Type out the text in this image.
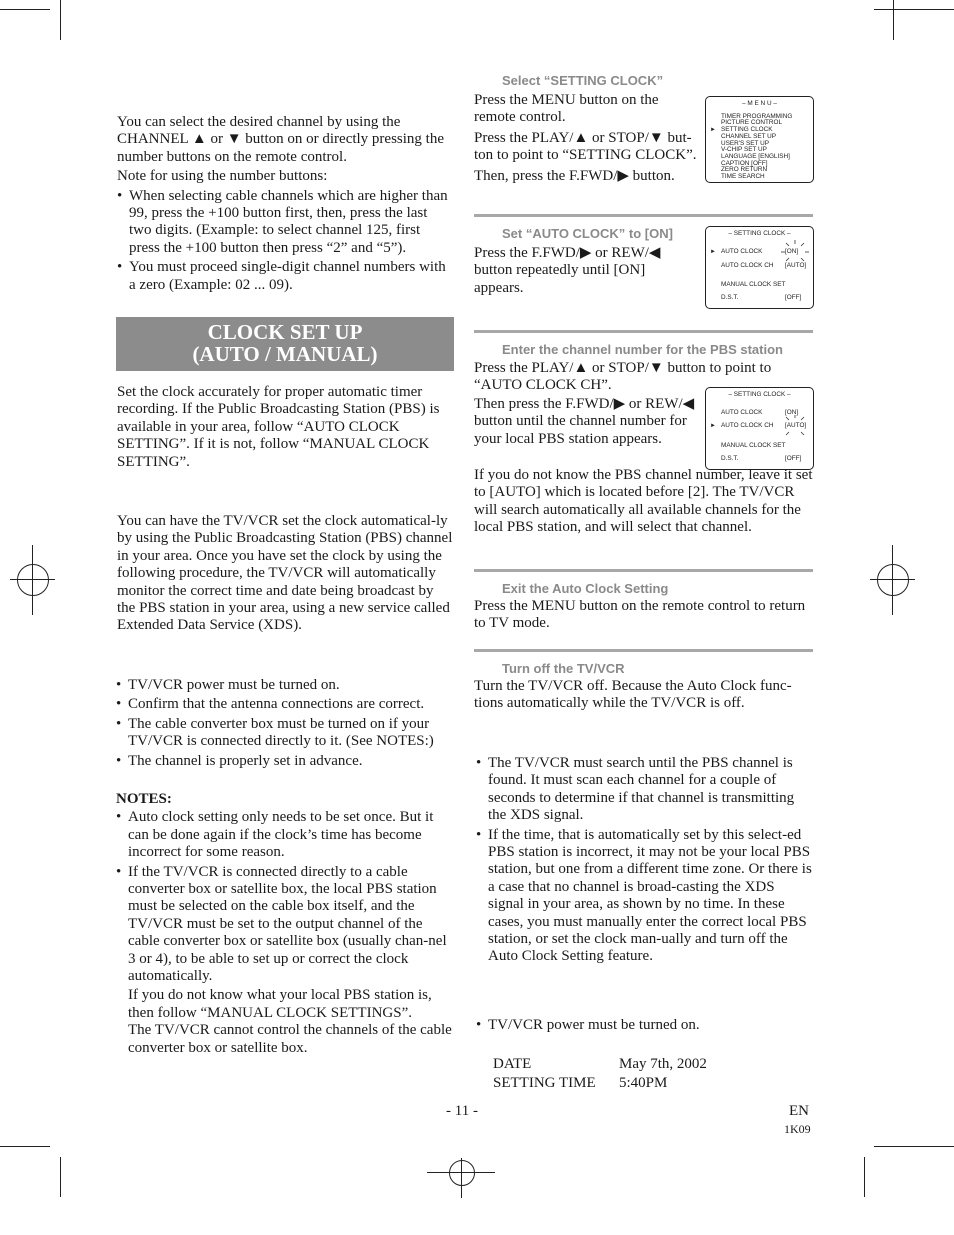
You can select the desired channel by using the CHANNEL ▲ or ▼ button on or directly pressing the number buttons on the remote control.

Note for using the number buttons:

• When selecting cable channels which are higher than 99, press the +100 button first, then, press the last two digits. (Example: to select channel 125, first press the +100 button then press “2” and “5”).
• You must proceed single-digit channel numbers with a zero (Example: 02 ... 09).
CLOCK SET UP
(AUTO / MANUAL)
Set the clock accurately for proper automatic timer recording. If the Public Broadcasting Station (PBS) is available in your area, follow “AUTO CLOCK SETTING”. If it is not, follow “MANUAL CLOCK SETTING”.
You can have the TV/VCR set the clock automatical-ly by using the Public Broadcasting Station (PBS) channel in your area. Once you have set the clock by using the following procedure, the TV/VCR will automatically monitor the correct time and date being broadcast by the PBS station in your area, using a new service called Extended Data Service (XDS).
• TV/VCR power must be turned on.
• Confirm that the antenna connections are correct.
• The cable converter box must be turned on if your TV/VCR is connected directly to it. (See NOTES:)
• The channel is properly set in advance.
NOTES:
• Auto clock setting only needs to be set once. But it can be done again if the clock’s time has become incorrect for some reason.
• If the TV/VCR is connected directly to a cable converter box or satellite box, the local PBS station must be selected on the cable box itself, and the TV/VCR must be set to the output channel of the cable converter box or satellite box (usually chan-nel 3 or 4), to be able to set up or correct the clock automatically.
If you do not know what your local PBS station is, then follow “MANUAL CLOCK SETTINGS”.
The TV/VCR cannot control the channels of the cable converter box or satellite box.
Select “SETTING CLOCK”

Press the MENU button on the remote control.

Press the PLAY/▲ or STOP/▼ but-ton to point to “SETTING CLOCK”.

Then, press the F.FWD/▶ button.

– M E N U –
TIMER PROGRAMMING
PICTURE CONTROL
► SETTING CLOCK
CHANNEL SET UP
USER'S SET UP
V-CHIP SET UP
LANGUAGE [ENGLISH]
CAPTION [OFF]
ZERO RETURN
TIME SEARCH
Set “AUTO CLOCK” to [ON]
Press the F.FWD/▶ or REW/◀ button repeatedly until [ON] appears.
– SETTING CLOCK –
► AUTO CLOCK	[ON]
AUTO CLOCK CH [AUTO]
MANUAL CLOCK SET
D.S.T.	[OFF]
Enter the channel number for the PBS station

Press the PLAY/▲ or STOP/▼ button to point to “AUTO CLOCK CH”.

Then press the F.FWD/▶ or REW/◀ button until the channel number for your local PBS station appears.
If you do not know the PBS channel number, leave it set to [AUTO] which is located before [2]. The TV/VCR will search automatically all available channels for the local PBS station, and will select that channel.
– SETTING CLOCK –
AUTO CLOCK	[ON]
► AUTO CLOCK CH [AUTO]
MANUAL CLOCK SET
D.S.T.	[OFF]
Exit the Auto Clock Setting
Press the MENU button on the remote control to return to TV mode.
Turn off the TV/VCR
Turn the TV/VCR off. Because the Auto Clock func-tions automatically while the TV/VCR is off.
• The TV/VCR must search until the PBS channel is found. It must scan each channel for a couple of seconds to determine if that channel is transmitting the XDS signal.
• If the time, that is automatically set by this select-ed PBS station is incorrect, it may not be your local PBS station, but one from a different time zone. Or there is a case that no channel is broad-casting the XDS signal in your area, as shown by no time. In these cases, you must manually enter the correct local PBS station, or set the clock man-ually and turn off the Auto Clock Setting feature.
• TV/VCR power must be turned on.
DATE	May 7th, 2002
SETTING TIME 5:40PM
- 11 -	EN
1K09
